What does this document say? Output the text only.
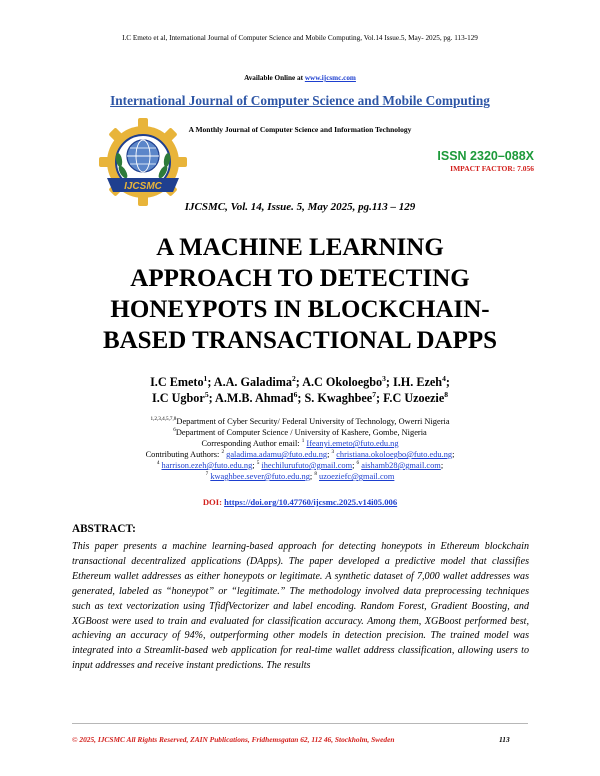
I.C Emeto et al, International Journal of Computer Science and Mobile Computing, Vol.14 Issue.5, May- 2025, pg. 113-129
Available Online at www.ijcsmc.com
International Journal of Computer Science and Mobile Computing
A Monthly Journal of Computer Science and Information Technology
IJCSMC
ISSN 2320–088X
IMPACT FACTOR: 7.056
IJCSMC, Vol. 14, Issue. 5, May 2025, pg.113 – 129
A MACHINE LEARNING
APPROACH TO DETECTING
HONEYPOTS IN BLOCKCHAIN-
BASED TRANSACTIONAL DAPPS
I.C Emeto$^1$; A.A. Galadima$^2$; A.C Okoloegbo$^3$; I.H. Ezeh$^4$;
I.C Ugbor$^5$; A.M.B. Ahmad$^6$; S. Kwaghbee$^7$; F.C Uzoezie$^8$
$^{1,2,3,4,5,7,8}$Department of Cyber Security/ Federal University of Technology, Owerri Nigeria
$^6$Department of Computer Science / University of Kashere, Gombe, Nigeria
Corresponding Author email: $^1$ Ifeanyi.emeto@futo.edu.ng
Contributing Authors: $^2$ galadima.adamu@futo.edu.ng; $^3$ christiana.okoloegbo@futo.edu.ng;
$^4$ harrison.ezeh@futo.edu.ng; $^5$ ihechilurufuto@gmail.com; $^6$ aishamb28@gmail.com;
$^7$ kwaghbee.sever@futo.edu.ng; $^8$ uzoeziefc@gmail.com
DOI: https://doi.org/10.47760/ijcsmc.2025.v14i05.006
ABSTRACT:
This paper presents a machine learning-based approach for detecting honeypots in Ethereum blockchain transactional decentralized applications (DApps). The paper developed a predictive model that classifies Ethereum wallet addresses as either honeypots or legitimate. A synthetic dataset of 7,000 wallet addresses was generated, labeled as “honeypot” or “legitimate.” The methodology involved data preprocessing techniques such as text vectorization using TfidfVectorizer and label encoding. Random Forest, Gradient Boosting, and XGBoost were used to train and evaluated for classification accuracy. Among them, XGBoost performed best, achieving an accuracy of 94%, outperforming other models in detection precision. The trained model was integrated into a Streamlit-based web application for real-time wallet address classification, allowing users to input addresses and receive instant predictions. The results
© 2025, IJCSMC All Rights Reserved, ZAIN Publications, Fridhemsgatan 62, 112 46, Stockholm, Sweden	113
